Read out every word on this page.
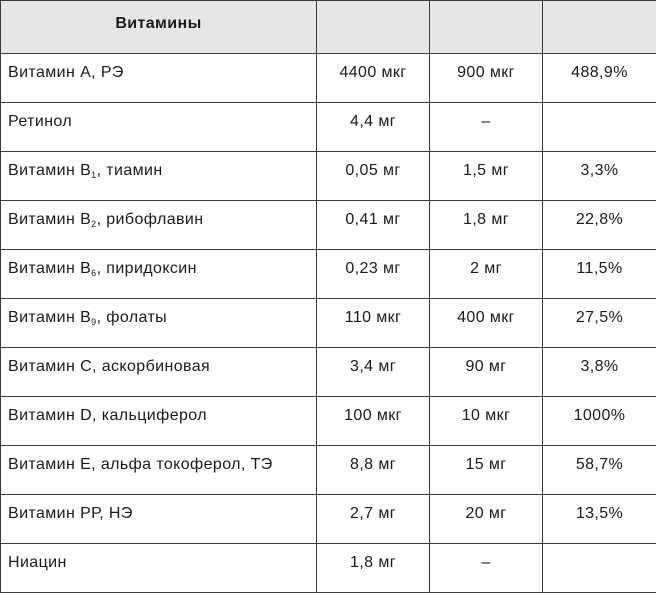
Витамины			
Витамин А, РЭ	4400 мкг	900 мкг	488,9%
Ретинол	4,4 мг	–	
Витамин $В_1$, тиамин	0,05 мг	1,5 мг	3,3%
Витамин $В_2$, рибофлавин	0,41 мг	1,8 мг	22,8%
Витамин $В_6$, пиридоксин	0,23 мг	2 мг	11,5%
Витамин $В_9$, фолаты	110 мкг	400 мкг	27,5%
Витамин C, аскорбиновая	3,4 мг	90 мг	3,8%
Витамин D, кальциферол	100 мкг	10 мкг	1000%
Витамин E, альфа токоферол, ТЭ	8,8 мг	15 мг	58,7%
Витамин РР, НЭ	2,7 мг	20 мг	13,5%
Ниацин	1,8 мг	–	
